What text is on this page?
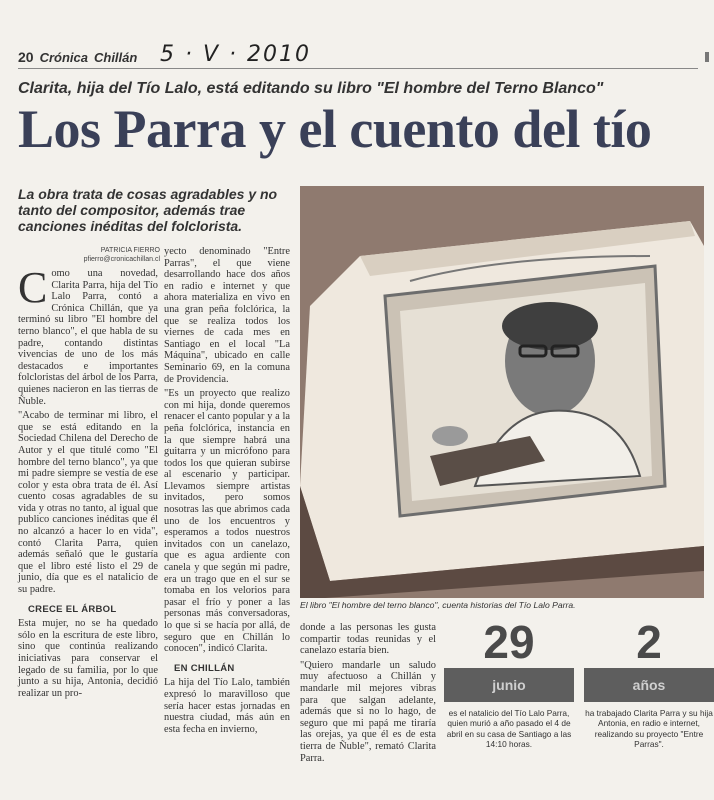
20 Crónica Chillán 5 · V · 2010
Clarita, hija del Tío Lalo, está editando su libro "El hombre del Terno Blanco"
Los Parra y el cuento del tío
La obra trata de cosas agradables y no tanto del compositor, además trae canciones inéditas del folclorista.
PATRICIA FIERRO
pfierro@cronicachillan.cl
C omo una novedad, Clarita Parra, hija del Tío Lalo Parra, contó a Crónica Chillán, que ya terminó su libro "El hombre del terno blanco", el que habla de su padre, contando distintas vivencias de uno de los más destacados e importantes folcloristas del árbol de los Parra, quienes nacieron en las tierras de Ñuble.

"Acabo de terminar mi libro, el que se está editando en la Sociedad Chilena del Derecho de Autor y el que titulé como "El hombre del terno blanco", ya que mi padre siempre se vestía de ese color y esta obra trata de él. Así cuento cosas agradables de su vida y otras no tanto, al igual que publico canciones inéditas que él no alcanzó a hacer lo en vida", contó Clarita Parra, quien además señaló que le gustaría que el libro esté listo el 29 de junio, día que es el natalicio de su padre.

CRECE EL ÁRBOL

Esta mujer, no se ha quedado sólo en la escritura de este libro, sino que continúa realizando iniciativas para conservar el legado de su familia, por lo que junto a su hija, Antonia, decidió realizar un pro-

yecto denominado "Entre Parras", el que viene desarrollando hace dos años en radio e internet y que ahora materializa en vivo en una gran peña folclórica, la que se realiza todos los viernes de cada mes en Santiago en el local "La Máquina", ubicado en calle Seminario 69, en la comuna de Providencia.

"Es un proyecto que realizo con mi hija, donde queremos renacer el canto popular y a la peña folclórica, instancia en la que siempre habrá una guitarra y un micrófono para todos los que quieran subirse al escenario y participar. Llevamos siempre artistas invitados, pero somos nosotras las que abrimos cada uno de los encuentros y esperamos a todos nuestros invitados con un canelazo, que es agua ardiente con canela y que según mi padre, era un trago que en el sur se tomaba en los velorios para pasar el frío y poner a las personas más conversadoras, lo que si se hacía por allá, de seguro que en Chillán lo conocen", indicó Clarita.

EN CHILLÁN

La hija del Tío Lalo, también expresó lo maravilloso que sería hacer estas jornadas en nuestra ciudad, más aún en esta fecha en invierno,

donde a las personas les gusta compartir todas reunidas y el canelazo estaría bien.

"Quiero mandarle un saludo muy afectuoso a Chillán y mandarle mil mejores vibras para que salgan adelante, además que si no lo hago, de seguro que mi papá me tiraría las orejas, ya que él es de esta tierra de Ñuble", remató Clarita Parra.

El libro "El hombre del terno blanco", cuenta historias del Tío Lalo Parra.
29
junio
es el natalicio del Tío Lalo Parra, quien murió a año pasado el 4 de abril en su casa de Santiago a las 14:10 horas.
2
años
ha trabajado Clarita Parra y su hija Antonia, en radio e internet, realizando su proyecto "Entre Parras".
